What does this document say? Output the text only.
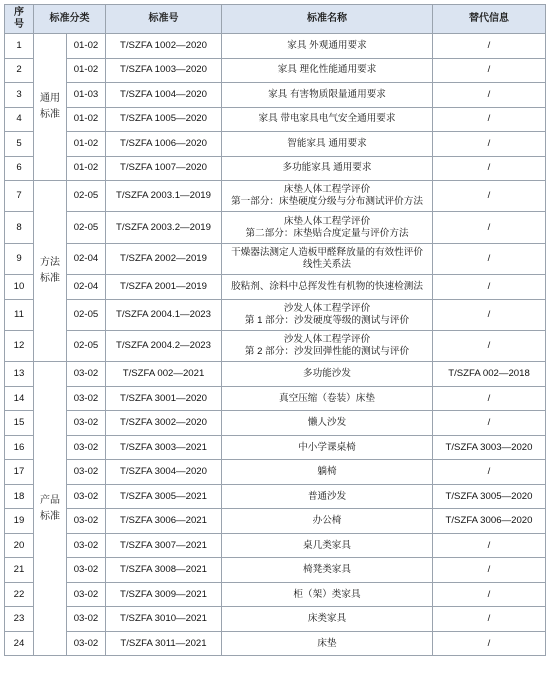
序号	标准分类		标准号	标准名称	替代信息
1	通用标准	01-02	T/SZFA 1002—2020	家具 外观通用要求	/
2		01-02	T/SZFA 1003—2020	家具 理化性能通用要求	/
3		01-03	T/SZFA 1004—2020	家具 有害物质限量通用要求	/
4		01-02	T/SZFA 1005—2020	家具 带电家具电气安全通用要求	/
5		01-02	T/SZFA 1006—2020	智能家具 通用要求	/
6		01-02	T/SZFA 1007—2020	多功能家具 通用要求	/
7	方法标准	02-05	T/SZFA 2003.1—2019	床垫人体工程学评价
第一部分：床垫硬度分级与分布测试评价方法	/
8		02-05	T/SZFA 2003.2—2019	床垫人体工程学评价
第二部分：床垫贴合度定量与评价方法	/
9		02-04	T/SZFA 2002—2019	干燥器法测定人造板甲醛释放量的有效性评价
线性关系法	/
10		02-04	T/SZFA 2001—2019	胶粘剂、涂料中总挥发性有机物的快速检测法	/
11		02-05	T/SZFA 2004.1—2023	沙发人体工程学评价
第 1 部分：沙发硬度等级的测试与评价	/
12		02-05	T/SZFA 2004.2—2023	沙发人体工程学评价
第 2 部分：沙发回弹性能的测试与评价	/
13	产品标准	03-02	T/SZFA 002—2021	多功能沙发	T/SZFA 002—2018
14		03-02	T/SZFA 3001—2020	真空压缩（卷装）床垫	/
15		03-02	T/SZFA 3002—2020	懒人沙发	/
16		03-02	T/SZFA 3003—2021	中小学课桌椅	T/SZFA 3003—2020
17		03-02	T/SZFA 3004—2020	躺椅	/
18		03-02	T/SZFA 3005—2021	普通沙发	T/SZFA 3005—2020
19		03-02	T/SZFA 3006—2021	办公椅	T/SZFA 3006—2020
20		03-02	T/SZFA 3007—2021	桌几类家具	/
21		03-02	T/SZFA 3008—2021	椅凳类家具	/
22		03-02	T/SZFA 3009—2021	柜（架）类家具	/
23		03-02	T/SZFA 3010—2021	床类家具	/
24		03-02	T/SZFA 3011—2021	床垫	/
